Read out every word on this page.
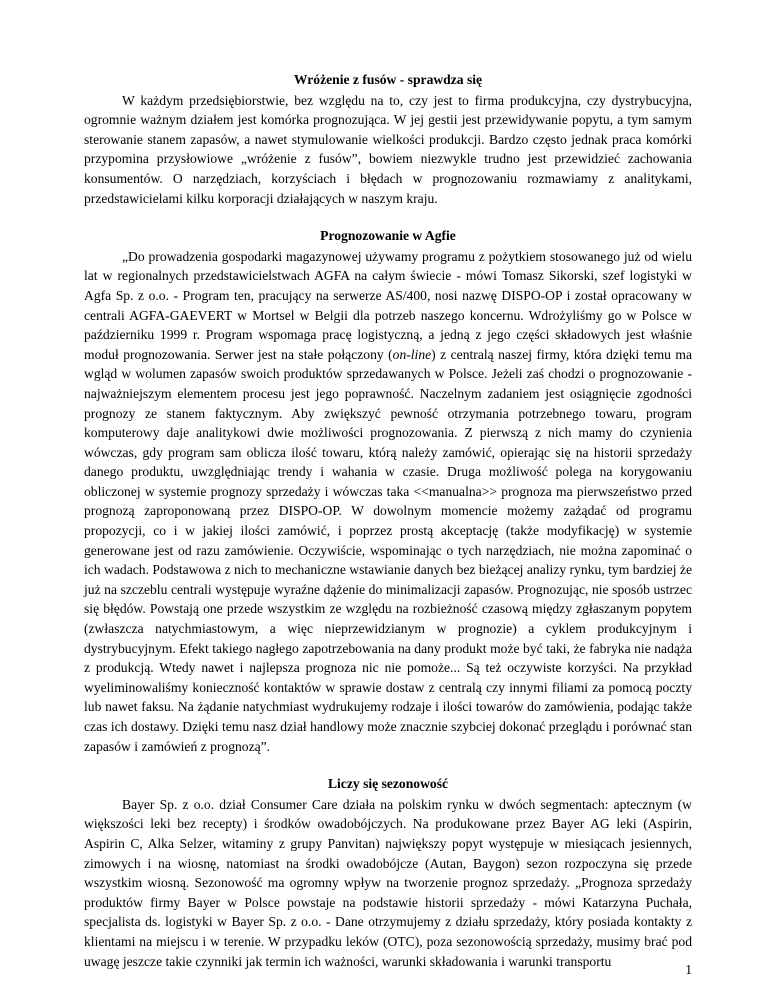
Wróżenie z fusów - sprawdza się

W każdym przedsiębiorstwie, bez względu na to, czy jest to firma produkcyjna, czy dystrybucyjna, ogromnie ważnym działem jest komórka prognozująca. W jej gestii jest przewidywanie popytu, a tym samym sterowanie stanem zapasów, a nawet stymulowanie wielkości produkcji. Bardzo często jednak praca komórki przypomina przysłowiowe „wróżenie z fusów”, bowiem niezwykle trudno jest przewidzieć zachowania konsumentów. O narzędziach, korzyściach i błędach w prognozowaniu rozmawiamy z analitykami, przedstawicielami kilku korporacji działających w naszym kraju.

Prognozowanie w Agfie

„Do prowadzenia gospodarki magazynowej używamy programu z pożytkiem stosowanego już od wielu lat w regionalnych przedstawicielstwach AGFA na całym świecie - mówi Tomasz Sikorski, szef logistyki w Agfa Sp. z o.o. - Program ten, pracujący na serwerze AS/400, nosi nazwę DISPO-OP i został opracowany w centrali AGFA-GAEVERT w Mortsel w Belgii dla potrzeb naszego koncernu. Wdrożyliśmy go w Polsce w październiku 1999 r. Program wspomaga pracę logistyczną, a jedną z jego części składowych jest właśnie moduł prognozowania. Serwer jest na stałe połączony (on-line) z centralą naszej firmy, która dzięki temu ma wgląd w wolumen zapasów swoich produktów sprzedawanych w Polsce. Jeżeli zaś chodzi o prognozowanie - najważniejszym elementem procesu jest jego poprawność. Naczelnym zadaniem jest osiągnięcie zgodności prognozy ze stanem faktycznym. Aby zwiększyć pewność otrzymania potrzebnego towaru, program komputerowy daje analitykowi dwie możliwości prognozowania. Z pierwszą z nich mamy do czynienia wówczas, gdy program sam oblicza ilość towaru, którą należy zamówić, opierając się na historii sprzedaży danego produktu, uwzględniając trendy i wahania w czasie. Druga możliwość polega na korygowaniu obliczonej w systemie prognozy sprzedaży i wówczas taka <<manualna>> prognoza ma pierwszeństwo przed prognozą zaproponowaną przez DISPO-OP. W dowolnym momencie możemy zażądać od programu propozycji, co i w jakiej ilości zamówić, i poprzez prostą akceptację (także modyfikację) w systemie generowane jest od razu zamówienie. Oczywiście, wspominając o tych narzędziach, nie można zapominać o ich wadach. Podstawowa z nich to mechaniczne wstawianie danych bez bieżącej analizy rynku, tym bardziej że już na szczeblu centrali występuje wyraźne dążenie do minimalizacji zapasów. Prognozując, nie sposób ustrzec się błędów. Powstają one przede wszystkim ze względu na rozbieżność czasową między zgłaszanym popytem (zwłaszcza natychmiastowym, a więc nieprzewidzianym w prognozie) a cyklem produkcyjnym i dystrybucyjnym. Efekt takiego nagłego zapotrzebowania na dany produkt może być taki, że fabryka nie nadąża z produkcją. Wtedy nawet i najlepsza prognoza nic nie pomoże... Są też oczywiste korzyści. Na przykład wyeliminowaliśmy konieczność kontaktów w sprawie dostaw z centralą czy innymi filiami za pomocą poczty lub nawet faksu. Na żądanie natychmiast wydrukujemy rodzaje i ilości towarów do zamówienia, podając także czas ich dostawy. Dzięki temu nasz dział handlowy może znacznie szybciej dokonać przeglądu i porównać stan zapasów i zamówień z prognozą”.

Liczy się sezonowość

Bayer Sp. z o.o. dział Consumer Care działa na polskim rynku w dwóch segmentach: aptecznym (w większości leki bez recepty) i środków owadobójczych. Na produkowane przez Bayer AG leki (Aspirin, Aspirin C, Alka Selzer, witaminy z grupy Panvitan) największy popyt występuje w miesiącach jesiennych, zimowych i na wiosnę, natomiast na środki owadobójcze (Autan, Baygon) sezon rozpoczyna się przede wszystkim wiosną. Sezonowość ma ogromny wpływ na tworzenie prognoz sprzedaży. „Prognoza sprzedaży produktów firmy Bayer w Polsce powstaje na podstawie historii sprzedaży - mówi Katarzyna Puchała, specjalista ds. logistyki w Bayer Sp. z o.o. - Dane otrzymujemy z działu sprzedaży, który posiada kontakty z klientami na miejscu i w terenie. W przypadku leków (OTC), poza sezonowością sprzedaży, musimy brać pod uwagę jeszcze takie czynniki jak termin ich ważności, warunki składowania i warunki transportu

1
